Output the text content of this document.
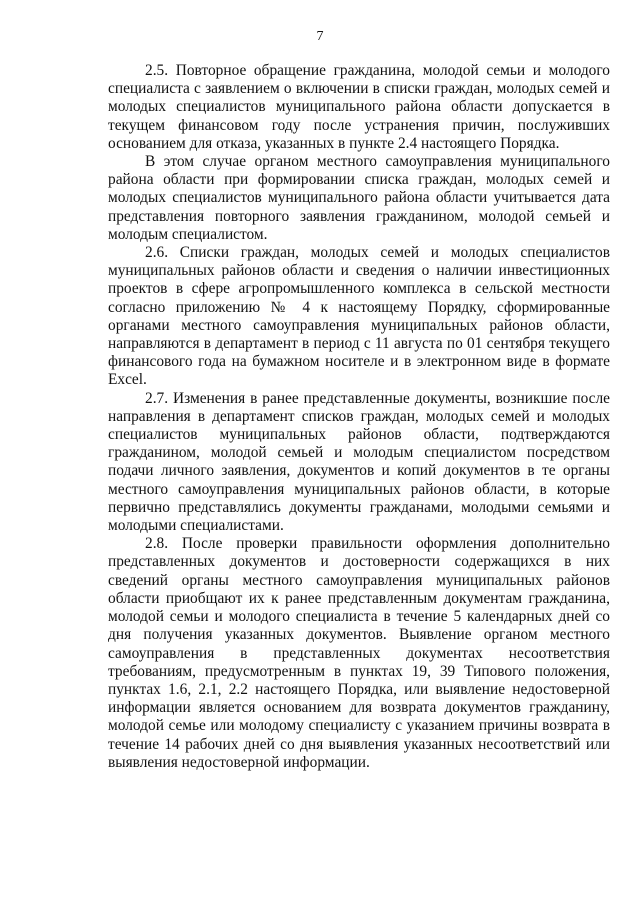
7

2.5. Повторное обращение гражданина, молодой семьи и молодого специалиста с заявлением о включении в списки граждан, молодых семей и молодых специалистов муниципального района области допускается в текущем финансовом году после устранения причин, послуживших основанием для отказа, указанных в пункте 2.4 настоящего Порядка.

В этом случае органом местного самоуправления муниципального района области при формировании списка граждан, молодых семей и молодых специалистов муниципального района области учитывается дата представления повторного заявления гражданином, молодой семьей и молодым специалистом.

2.6. Списки граждан, молодых семей и молодых специалистов муниципальных районов области и сведения о наличии инвестиционных проектов в сфере агропромышленного комплекса в сельской местности согласно приложению № 4 к настоящему Порядку, сформированные органами местного самоуправления муниципальных районов области, направляются в департамент в период с 11 августа по 01 сентября текущего финансового года на бумажном носителе и в электронном виде в формате Excel.

2.7. Изменения в ранее представленные документы, возникшие после направления в департамент списков граждан, молодых семей и молодых специалистов муниципальных районов области, подтверждаются гражданином, молодой семьей и молодым специалистом посредством подачи личного заявления, документов и копий документов в те органы местного самоуправления муниципальных районов области, в которые первично представлялись документы гражданами, молодыми семьями и молодыми специалистами.

2.8. После проверки правильности оформления дополнительно представленных документов и достоверности содержащихся в них сведений органы местного самоуправления муниципальных районов области приобщают их к ранее представленным документам гражданина, молодой семьи и молодого специалиста в течение 5 календарных дней со дня получения указанных документов. Выявление органом местного самоуправления в представленных документах несоответствия требованиям, предусмотренным в пунктах 19, 39 Типового положения, пунктах 1.6, 2.1, 2.2 настоящего Порядка, или выявление недостоверной информации является основанием для возврата документов гражданину, молодой семье или молодому специалисту с указанием причины возврата в течение 14 рабочих дней со дня выявления указанных несоответствий или выявления недостоверной информации.
